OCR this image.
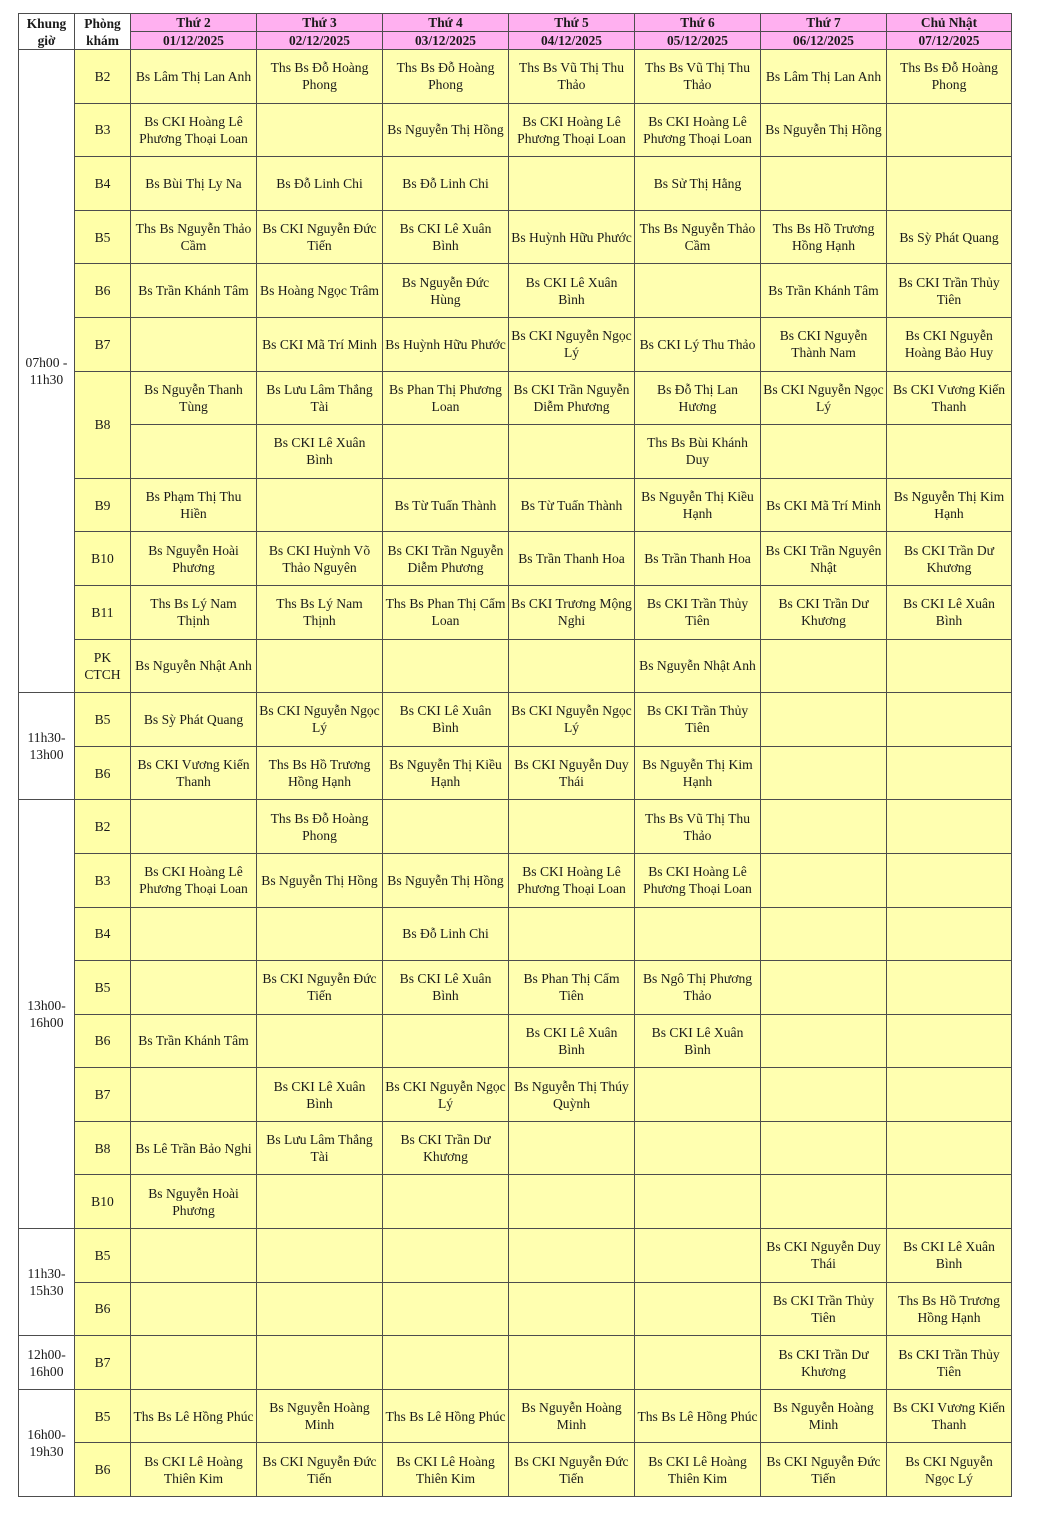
Khung giờ	Phòng khám	Thứ 2	Thứ 3	Thứ 4	Thứ 5	Thứ 6	Thứ 7	Chủ Nhật
		01/12/2025	02/12/2025	03/12/2025	04/12/2025	05/12/2025	06/12/2025	07/12/2025
07h00 - 11h30	B2	Bs Lâm Thị Lan Anh	Ths Bs Đỗ Hoàng Phong	Ths Bs Đỗ Hoàng Phong	Ths Bs Vũ Thị Thu Thảo	Ths Bs Vũ Thị Thu Thảo	Bs Lâm Thị Lan Anh	Ths Bs Đỗ Hoàng Phong
	B3	Bs CKI Hoàng Lê Phương Thoại Loan		Bs Nguyễn Thị Hồng	Bs CKI Hoàng Lê Phương Thoại Loan	Bs CKI Hoàng Lê Phương Thoại Loan	Bs Nguyễn Thị Hồng	
	B4	Bs Bùi Thị Ly Na	Bs Đỗ Linh Chi	Bs Đỗ Linh Chi		Bs Sử Thị Hằng		
	B5	Ths Bs Nguyễn Thảo Cầm	Bs CKI Nguyễn Đức Tiến	Bs CKI Lê Xuân Bình	Bs Huỳnh Hữu Phước	Ths Bs Nguyễn Thảo Cầm	Ths Bs Hồ Trương Hồng Hạnh	Bs Sỳ Phát Quang
	B6	Bs Trần Khánh Tâm	Bs Hoàng Ngọc Trâm	Bs Nguyễn Đức Hùng	Bs CKI Lê Xuân Bình		Bs Trần Khánh Tâm	Bs CKI Trần Thủy Tiên
	B7		Bs CKI Mã Trí Minh	Bs Huỳnh Hữu Phước	Bs CKI Nguyễn Ngọc Lý	Bs CKI Lý Thu Thảo	Bs CKI Nguyễn Thành Nam	Bs CKI Nguyễn Hoàng Bảo Huy
	B8	Bs Nguyễn Thanh Tùng	Bs Lưu Lâm Thắng Tài	Bs Phan Thị Phương Loan	Bs CKI Trần Nguyễn Diễm Phương	Bs Đỗ Thị Lan Hương	Bs CKI Nguyễn Ngọc Lý	Bs CKI Vương Kiến Thanh
			Bs CKI Lê Xuân Bình			Ths Bs Bùi Khánh Duy		
	B9	Bs Phạm Thị Thu Hiền		Bs Từ Tuấn Thành	Bs Từ Tuấn Thành	Bs Nguyễn Thị Kiều Hạnh	Bs CKI Mã Trí Minh	Bs Nguyễn Thị Kim Hạnh
	B10	Bs Nguyễn Hoài Phương	Bs CKI Huỳnh Võ Thảo Nguyên	Bs CKI Trần Nguyễn Diễm Phương	Bs Trần Thanh Hoa	Bs Trần Thanh Hoa	Bs CKI Trần Nguyên Nhật	Bs CKI Trần Dư Khương
	B11	Ths Bs Lý Nam Thịnh	Ths Bs Lý Nam Thịnh	Ths Bs Phan Thị Cẩm Loan	Bs CKI Trương Mộng Nghi	Bs CKI Trần Thủy Tiên	Bs CKI Trần Dư Khương	Bs CKI Lê Xuân Bình
	PK CTCH	Bs Nguyễn Nhật Anh				Bs Nguyễn Nhật Anh		
11h30- 13h00	B5	Bs Sỳ Phát Quang	Bs CKI Nguyễn Ngọc Lý	Bs CKI Lê Xuân Bình	Bs CKI Nguyễn Ngọc Lý	Bs CKI Trần Thủy Tiên		
	B6	Bs CKI Vương Kiến Thanh	Ths Bs Hồ Trương Hồng Hạnh	Bs Nguyễn Thị Kiều Hạnh	Bs CKI Nguyễn Duy Thái	Bs Nguyễn Thị Kim Hạnh		
13h00- 16h00	B2		Ths Bs Đỗ Hoàng Phong			Ths Bs Vũ Thị Thu Thảo		
	B3	Bs CKI Hoàng Lê Phương Thoại Loan	Bs Nguyễn Thị Hồng	Bs Nguyễn Thị Hồng	Bs CKI Hoàng Lê Phương Thoại Loan	Bs CKI Hoàng Lê Phương Thoại Loan		
	B4			Bs Đỗ Linh Chi				
	B5		Bs CKI Nguyễn Đức Tiến	Bs CKI Lê Xuân Bình	Bs Phan Thị Cẩm Tiên	Bs Ngô Thị Phương Thảo		
	B6	Bs Trần Khánh Tâm			Bs CKI Lê Xuân Bình	Bs CKI Lê Xuân Bình		
	B7		Bs CKI Lê Xuân Bình	Bs CKI Nguyễn Ngọc Lý	Bs Nguyễn Thị Thúy Quỳnh			
	B8	Bs Lê Trần Bảo Nghi	Bs Lưu Lâm Thắng Tài	Bs CKI Trần Dư Khương				
	B10	Bs Nguyễn Hoài Phương						
11h30- 15h30	B5						Bs CKI Nguyễn Duy Thái	Bs CKI Lê Xuân Bình
	B6						Bs CKI Trần Thủy Tiên	Ths Bs Hồ Trương Hồng Hạnh
12h00- 16h00	B7						Bs CKI Trần Dư Khương	Bs CKI Trần Thủy Tiên
16h00- 19h30	B5	Ths Bs Lê Hồng Phúc	Bs Nguyễn Hoàng Minh	Ths Bs Lê Hồng Phúc	Bs Nguyễn Hoàng Minh	Ths Bs Lê Hồng Phúc	Bs Nguyễn Hoàng Minh	Bs CKI Vương Kiến Thanh
	B6	Bs CKI Lê Hoàng Thiên Kim	Bs CKI Nguyễn Đức Tiến	Bs CKI Lê Hoàng Thiên Kim	Bs CKI Nguyễn Đức Tiến	Bs CKI Lê Hoàng Thiên Kim	Bs CKI Nguyễn Đức Tiến	Bs CKI Nguyễn Ngọc Lý
